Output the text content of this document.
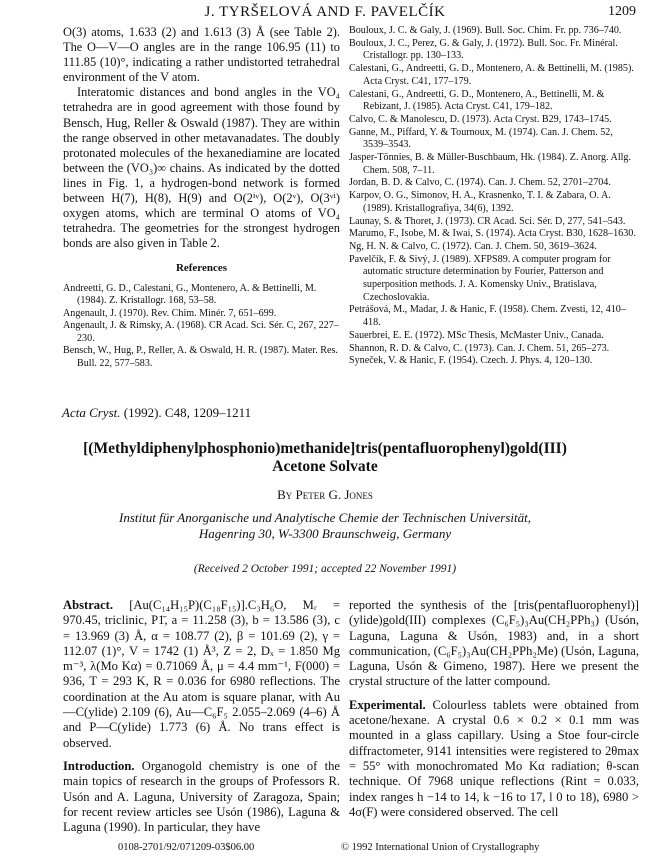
J. TYRŠELOVÁ AND F. PAVELČÍK	1209

O(3) atoms, 1.633 (2) and 1.613 (3) Å (see Table 2). The O—V—O angles are in the range 106.95 (11) to 111.85 (10)°, indicating a rather undistorted tetrahedral environment of the V atom.

Interatomic distances and bond angles in the VO₄ tetrahedra are in good agreement with those found by Bensch, Hug, Reller & Oswald (1987). They are within the range observed in other metavanadates. The doubly protonated molecules of the hexanediamine are located between the (VO₃)∞ chains. As indicated by the dotted lines in Fig. 1, a hydrogen-bond network is formed between H(7), H(8), H(9) and O(2ⁱᵛ), O(2ᵛ), O(3ᵛⁱ) oxygen atoms, which are terminal O atoms of VO₄ tetrahedra. The geometries for the strongest hydrogen bonds are also given in Table 2.

References

Andreetti, G. D., Calestani, G., Montenero, A. & Bettinelli, M. (1984). Z. Kristallogr. 168, 53–58.

Angenault, J. (1970). Rev. Chim. Minér. 7, 651–699.

Angenault, J. & Rimsky, A. (1968). CR Acad. Sci. Sér. C, 267, 227–230.

Bensch, W., Hug, P., Reller, A. & Oswald, H. R. (1987). Mater. Res. Bull. 22, 577–583.

Bouloux, J. C. & Galy, J. (1969). Bull. Soc. Chim. Fr. pp. 736–740.

Bouloux, J. C., Perez, G. & Galy, J. (1972). Bull. Soc. Fr. Minéral. Cristallogr. pp. 130–133.

Calestani, G., Andreetti, G. D., Montenero, A. & Bettinelli, M. (1985). Acta Cryst. C41, 177–179.

Calestani, G., Andreetti, G. D., Montenero, A., Bettinelli, M. & Rebizant, J. (1985). Acta Cryst. C41, 179–182.

Calvo, C. & Manolescu, D. (1973). Acta Cryst. B29, 1743–1745.

Ganne, M., Piffard, Y. & Tournoux, M. (1974). Can. J. Chem. 52, 3539–3543.

Jasper-Tönnies, B. & Müller-Buschbaum, Hk. (1984). Z. Anorg. Allg. Chem. 508, 7–11.

Jordan, B. D. & Calvo, C. (1974). Can. J. Chem. 52, 2701–2704.

Karpov, O. G., Simonov, H. A., Krasnenko, T. I. & Zabara, O. A. (1989). Kristallografiya, 34(6), 1392.

Launay, S. & Thoret, J. (1973). CR Acad. Sci. Sér. D, 277, 541–543.

Marumo, F., Isobe, M. & Iwai, S. (1974). Acta Cryst. B30, 1628–1630.

Ng, H. N. & Calvo, C. (1972). Can. J. Chem. 50, 3619–3624.

Pavelčík, F. & Sivý, J. (1989). XFPS89. A computer program for automatic structure determination by Fourier, Patterson and superposition methods. J. A. Komensky Univ., Bratislava, Czechoslovakia.

Petrášová, M., Madar, J. & Hanic, F. (1958). Chem. Zvesti, 12, 410–418.

Sauerbrei, E. E. (1972). MSc Thesis, McMaster Univ., Canada.

Shannon, R. D. & Calvo, C. (1973). Can. J. Chem. 51, 265–273.

Syneček, V. & Hanic, F. (1954). Czech. J. Phys. 4, 120–130.

Acta Cryst. (1992). C48, 1209–1211
[(Methyldiphenylphosphonio)methanide]tris(pentafluorophenyl)gold(III)
Acetone Solvate
By Peter G. Jones
Institut für Anorganische und Analytische Chemie der Technischen Universität,
Hagenring 30, W-3300 Braunschweig, Germany
(Received 2 October 1991; accepted 22 November 1991)

Abstract. [Au(C₁₄H₁₅P)(C₁₈F₁₅)].C₃H₆O, Mᵣ = 970.45, triclinic, P1̄, a = 11.258 (3), b = 13.586 (3), c = 13.969 (3) Å, α = 108.77 (2), β = 101.69 (2), γ = 112.07 (1)°, V = 1742 (1) Å³, Z = 2, Dₓ = 1.850 Mg m⁻³, λ(Mo Kα) = 0.71069 Å, μ = 4.4 mm⁻¹, F(000) = 936, T = 293 K, R = 0.036 for 6980 reflections. The coordination at the Au atom is square planar, with Au—C(ylide) 2.109 (6), Au—C₆F₅ 2.055–2.069 (4–6) Å and P—C(ylide) 1.773 (6) Å. No trans effect is observed.

Introduction. Organogold chemistry is one of the main topics of research in the groups of Professors R. Usón and A. Laguna, University of Zaragoza, Spain; for recent review articles see Usón (1986), Laguna & Laguna (1990). In particular, they have

reported the synthesis of the [tris(pentafluorophenyl)](ylide)gold(III) complexes (C₆F₅)₃Au(CH₂PPh₃) (Usón, Laguna, Laguna & Usón, 1983) and, in a short communication, (C₆F₅)₃Au(CH₂PPh₂Me) (Usón, Laguna, Laguna, Usón & Gimeno, 1987). Here we present the crystal structure of the latter compound.

Experimental. Colourless tablets were obtained from acetone/hexane. A crystal 0.6 × 0.2 × 0.1 mm was mounted in a glass capillary. Using a Stoe four-circle diffractometer, 9141 intensities were registered to 2θmax = 55° with monochromated Mo Kα radiation; θ-scan technique. Of 7968 unique reflections (Rint = 0.033, index ranges h −14 to 14, k −16 to 17, l 0 to 18), 6980 > 4σ(F) were considered observed. The cell

0108-2701/92/071209-03$06.00	© 1992 International Union of Crystallography
